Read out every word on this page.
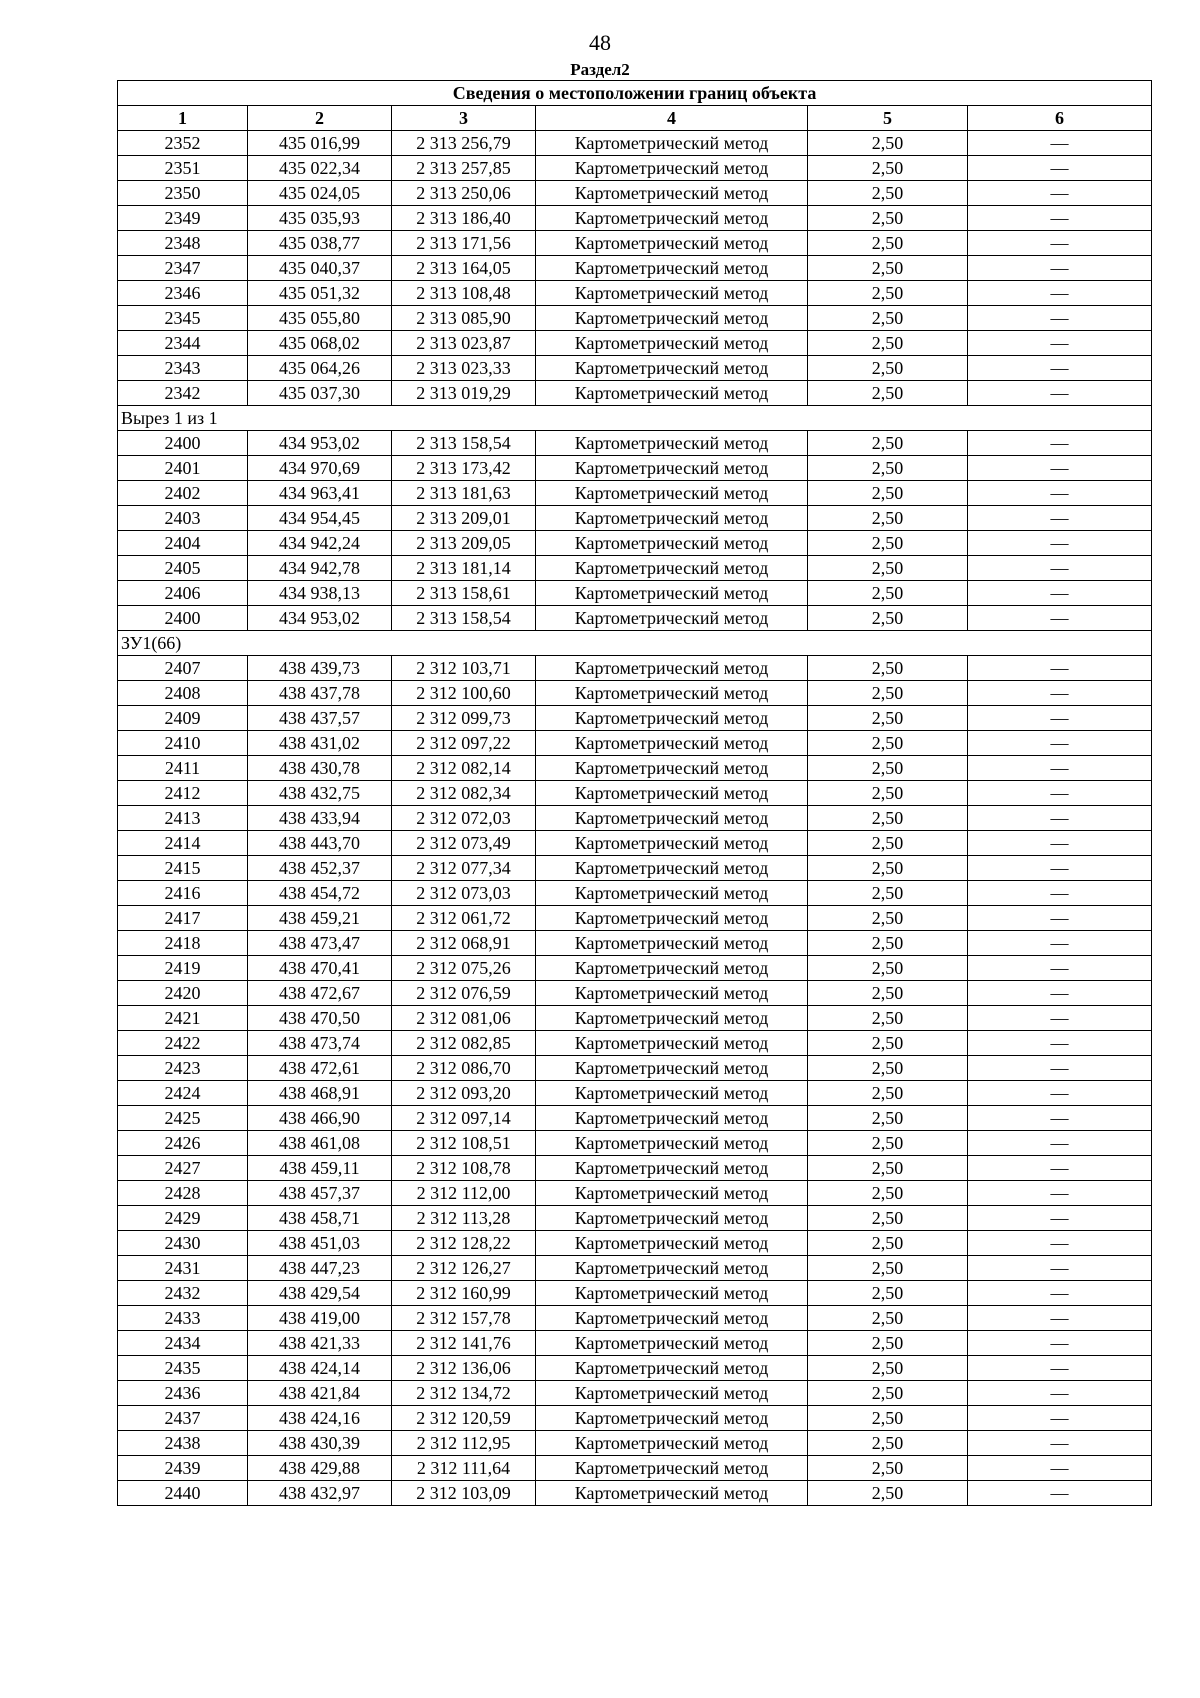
48
Раздел2
Сведения о местоположении границ объекта					
1	2	3	4	5	6
2352	435 016,99	2 313 256,79	Картометрический метод	2,50	—
2351	435 022,34	2 313 257,85	Картометрический метод	2,50	—
2350	435 024,05	2 313 250,06	Картометрический метод	2,50	—
2349	435 035,93	2 313 186,40	Картометрический метод	2,50	—
2348	435 038,77	2 313 171,56	Картометрический метод	2,50	—
2347	435 040,37	2 313 164,05	Картометрический метод	2,50	—
2346	435 051,32	2 313 108,48	Картометрический метод	2,50	—
2345	435 055,80	2 313 085,90	Картометрический метод	2,50	—
2344	435 068,02	2 313 023,87	Картометрический метод	2,50	—
2343	435 064,26	2 313 023,33	Картометрический метод	2,50	—
2342	435 037,30	2 313 019,29	Картометрический метод	2,50	—
Вырез 1 из 1					
2400	434 953,02	2 313 158,54	Картометрический метод	2,50	—
2401	434 970,69	2 313 173,42	Картометрический метод	2,50	—
2402	434 963,41	2 313 181,63	Картометрический метод	2,50	—
2403	434 954,45	2 313 209,01	Картометрический метод	2,50	—
2404	434 942,24	2 313 209,05	Картометрический метод	2,50	—
2405	434 942,78	2 313 181,14	Картометрический метод	2,50	—
2406	434 938,13	2 313 158,61	Картометрический метод	2,50	—
2400	434 953,02	2 313 158,54	Картометрический метод	2,50	—
ЗУ1(66)					
2407	438 439,73	2 312 103,71	Картометрический метод	2,50	—
2408	438 437,78	2 312 100,60	Картометрический метод	2,50	—
2409	438 437,57	2 312 099,73	Картометрический метод	2,50	—
2410	438 431,02	2 312 097,22	Картометрический метод	2,50	—
2411	438 430,78	2 312 082,14	Картометрический метод	2,50	—
2412	438 432,75	2 312 082,34	Картометрический метод	2,50	—
2413	438 433,94	2 312 072,03	Картометрический метод	2,50	—
2414	438 443,70	2 312 073,49	Картометрический метод	2,50	—
2415	438 452,37	2 312 077,34	Картометрический метод	2,50	—
2416	438 454,72	2 312 073,03	Картометрический метод	2,50	—
2417	438 459,21	2 312 061,72	Картометрический метод	2,50	—
2418	438 473,47	2 312 068,91	Картометрический метод	2,50	—
2419	438 470,41	2 312 075,26	Картометрический метод	2,50	—
2420	438 472,67	2 312 076,59	Картометрический метод	2,50	—
2421	438 470,50	2 312 081,06	Картометрический метод	2,50	—
2422	438 473,74	2 312 082,85	Картометрический метод	2,50	—
2423	438 472,61	2 312 086,70	Картометрический метод	2,50	—
2424	438 468,91	2 312 093,20	Картометрический метод	2,50	—
2425	438 466,90	2 312 097,14	Картометрический метод	2,50	—
2426	438 461,08	2 312 108,51	Картометрический метод	2,50	—
2427	438 459,11	2 312 108,78	Картометрический метод	2,50	—
2428	438 457,37	2 312 112,00	Картометрический метод	2,50	—
2429	438 458,71	2 312 113,28	Картометрический метод	2,50	—
2430	438 451,03	2 312 128,22	Картометрический метод	2,50	—
2431	438 447,23	2 312 126,27	Картометрический метод	2,50	—
2432	438 429,54	2 312 160,99	Картометрический метод	2,50	—
2433	438 419,00	2 312 157,78	Картометрический метод	2,50	—
2434	438 421,33	2 312 141,76	Картометрический метод	2,50	—
2435	438 424,14	2 312 136,06	Картометрический метод	2,50	—
2436	438 421,84	2 312 134,72	Картометрический метод	2,50	—
2437	438 424,16	2 312 120,59	Картометрический метод	2,50	—
2438	438 430,39	2 312 112,95	Картометрический метод	2,50	—
2439	438 429,88	2 312 111,64	Картометрический метод	2,50	—
2440	438 432,97	2 312 103,09	Картометрический метод	2,50	—
